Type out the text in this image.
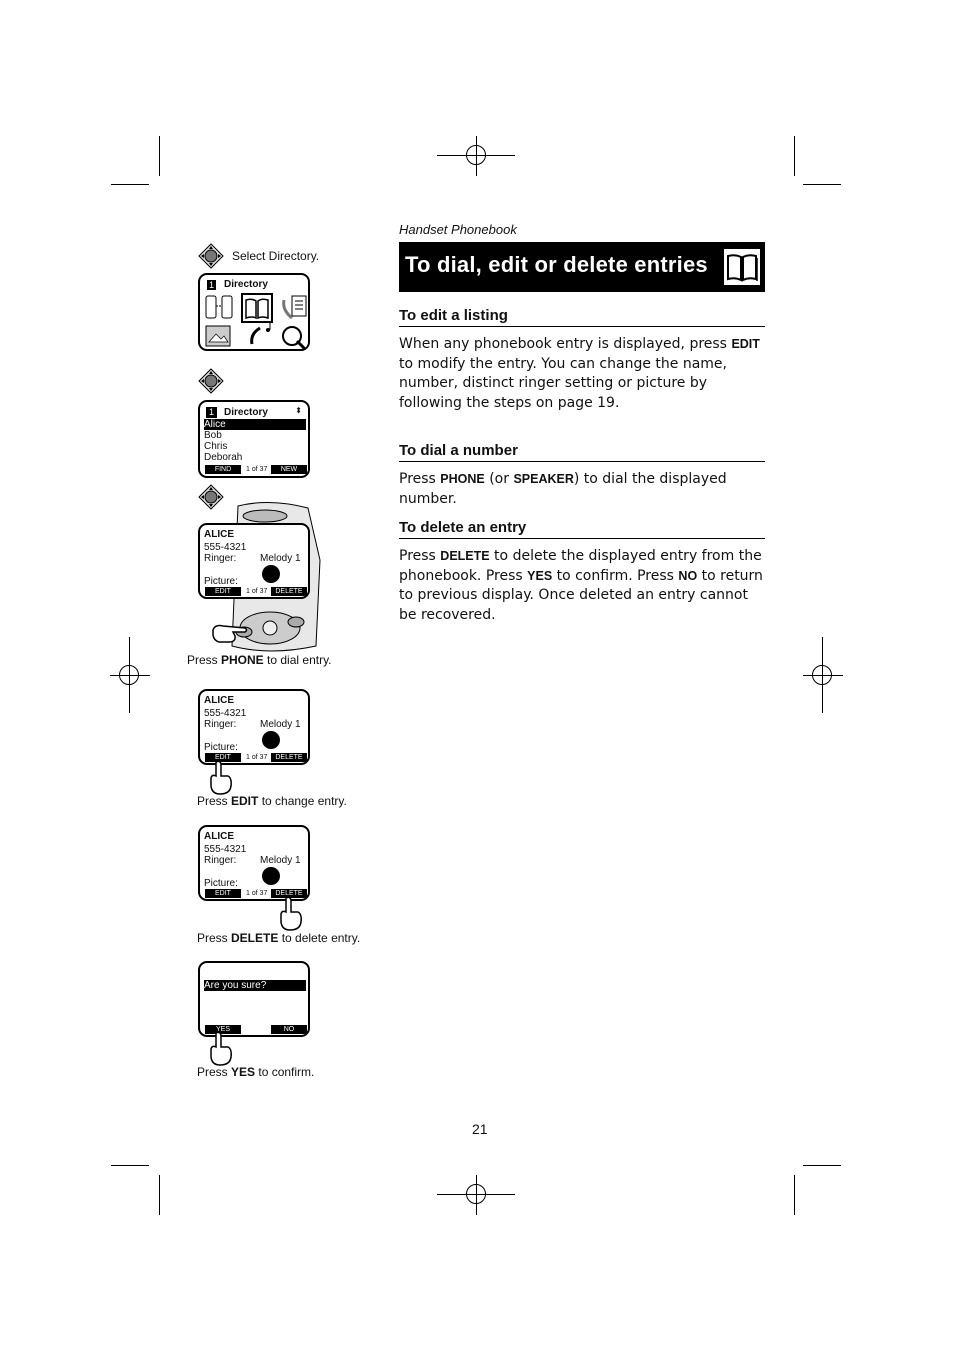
Handset Phonebook
To dial, edit or delete entries
To edit a listing
When any phonebook entry is displayed, press EDIT to modify the entry. You can change the name, number, distinct ringer setting or picture by following the steps on page 19.
To dial a number
Press PHONE (or SPEAKER) to dial the displayed number.
To delete an entry
Press DELETE to delete the displayed entry from the phonebook. Press YES to confirm. Press NO to return to previous display. Once deleted an entry cannot be recovered.
Select Directory.
1 Directory
1	Directory	⬍
Alice
Bob
Chris
Deborah
FIND	1 of 37	NEW
ALICE
555-4321
Ringer: Melody 1
Picture:
EDIT	1 of 37	DELETE
Press PHONE to dial entry.
ALICE
555-4321
Ringer: Melody 1
Picture:
EDIT	1 of 37	DELETE
Press EDIT to change entry.
ALICE
555-4321
Ringer: Melody 1
Picture:
EDIT	1 of 37	DELETE
Press DELETE to delete entry.
Are you sure?
YES	NO
Press YES to confirm.
21
